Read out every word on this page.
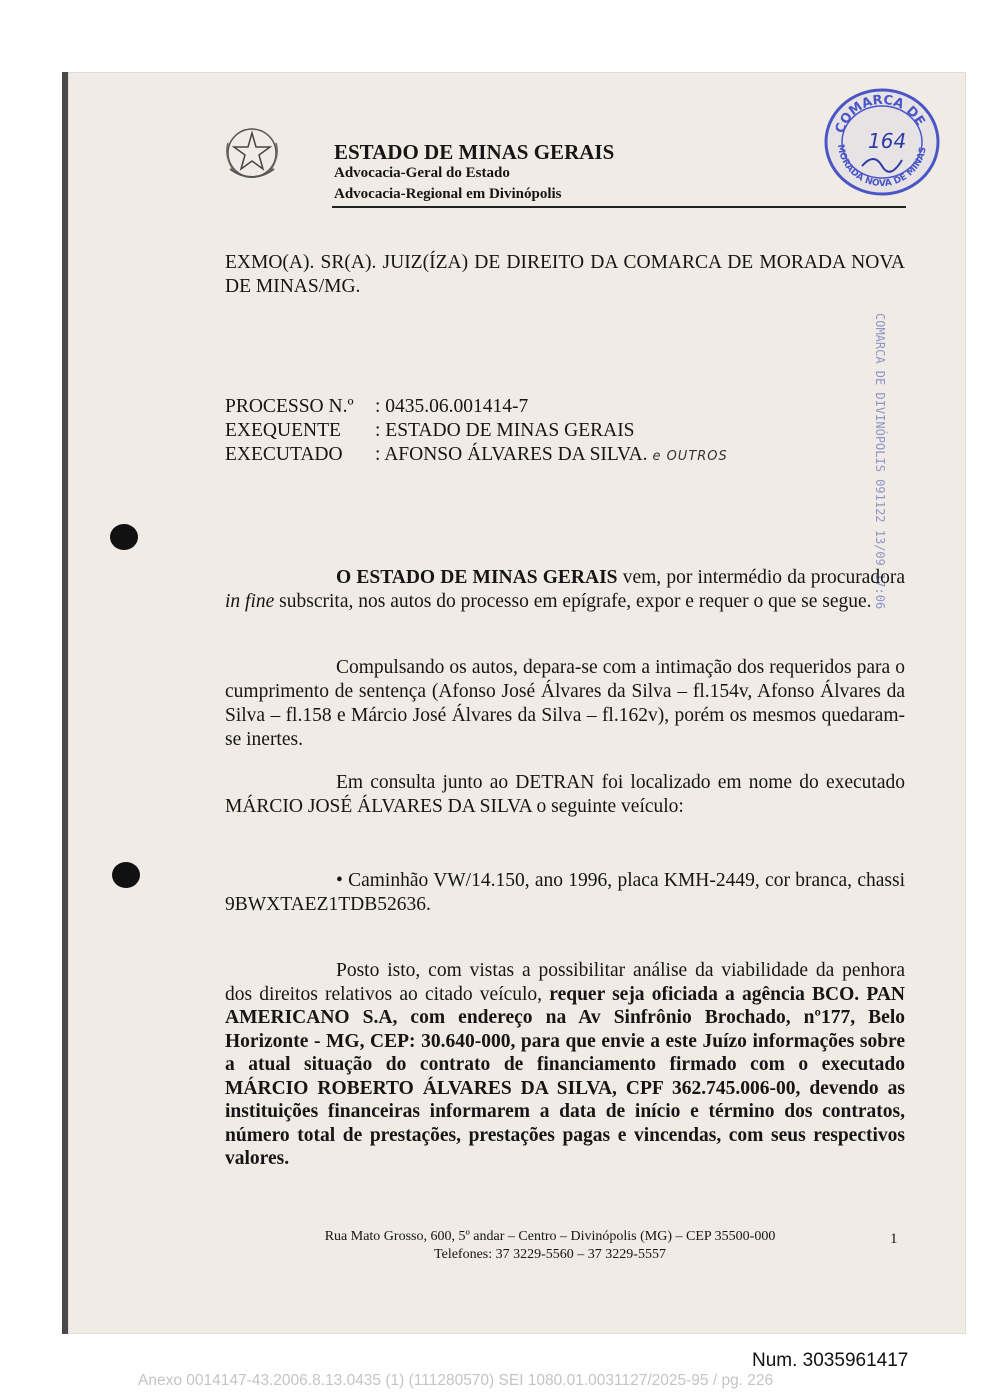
ESTADO DE MINAS GERAIS
Advocacia-Geral do Estado
Advocacia-Regional em Divinópolis
COMARCA DE
MORADA NOVA DE MINAS
164
EXMO(A). SR(A). JUIZ(ÍZA) DE DIREITO DA COMARCA DE MORADA NOVA DE MINAS/MG.
PROCESSO N.º : 0435.06.001414-7
EXEQUENTE : ESTADO DE MINAS GERAIS
EXECUTADO : AFONSO ÁLVARES DA SILVA. e OUTROS	COMARCA DE DIVINÓPOLIS 091122 13/09 17:06
O ESTADO DE MINAS GERAIS vem, por intermédio da procuradora in fine subscrita, nos autos do processo em epígrafe, expor e requer o que se segue.
Compulsando os autos, depara-se com a intimação dos requeridos para o cumprimento de sentença (Afonso José Álvares da Silva – fl.154v, Afonso Álvares da Silva – fl.158 e Márcio José Álvares da Silva – fl.162v), porém os mesmos quedaram-se inertes.
Em consulta junto ao DETRAN foi localizado em nome do executado MÁRCIO JOSÉ ÁLVARES DA SILVA o seguinte veículo:
• Caminhão VW/14.150, ano 1996, placa KMH-2449, cor branca, chassi 9BWXTAEZ1TDB52636.
Posto isto, com vistas a possibilitar análise da viabilidade da penhora dos direitos relativos ao citado veículo, requer seja oficiada a agência BCO. PAN AMERICANO S.A, com endereço na Av Sinfrônio Brochado, nº177, Belo Horizonte - MG, CEP: 30.640-000, para que envie a este Juízo informações sobre a atual situação do contrato de financiamento firmado com o executado MÁRCIO ROBERTO ÁLVARES DA SILVA, CPF 362.745.006-00, devendo as instituições financeiras informarem a data de início e término dos contratos, número total de prestações, prestações pagas e vincendas, com seus respectivos valores.
Rua Mato Grosso, 600, 5º andar – Centro – Divinópolis (MG) – CEP 35500-000
Telefones: 37 3229-5560 – 37 3229-5557
1
Num. 3035961417
Anexo 0014147-43.2006.8.13.0435 (1) (111280570) SEI 1080.01.0031127/2025-95 / pg. 226
